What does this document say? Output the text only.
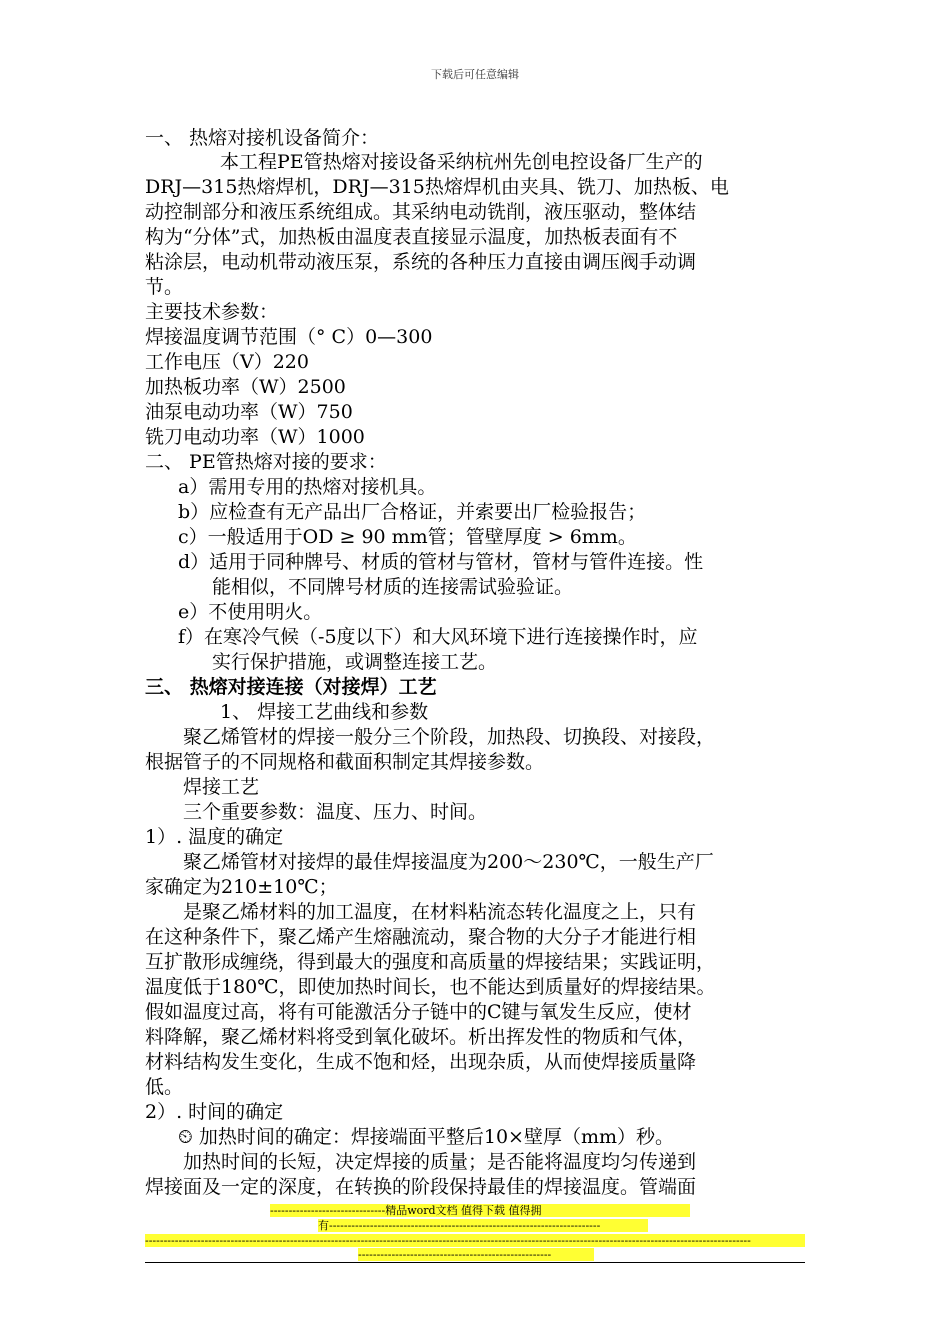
下载后可任意编辑
一、 热熔对接机设备简介：
本工程PE管热熔对接设备采纳杭州先创电控设备厂生产的
DRJ—315热熔焊机，DRJ—315热熔焊机由夹具、铣刀、加热板、电
动控制部分和液压系统组成。其采纳电动铣削，液压驱动，整体结
构为“分体”式，加热板由温度表直接显示温度，加热板表面有不
粘涂层，电动机带动液压泵，系统的各种压力直接由调压阀手动调
节。
主要技术参数：
焊接温度调节范围（° C）0—300
工作电压（V）220
加热板功率（W）2500
油泵电动功率（W）750
铣刀电动功率（W）1000
二、 PE管热熔对接的要求：
a）需用专用的热熔对接机具。
b）应检查有无产品出厂合格证，并索要出厂检验报告；
c）一般适用于OD ≥ 90 mm管；管壁厚度 > 6mm。
d）适用于同种牌号、材质的管材与管材，管材与管件连接。性
能相似，不同牌号材质的连接需试验验证。
e）不使用明火。
f）在寒冷气候（-5度以下）和大风环境下进行连接操作时，应
实行保护措施，或调整连接工艺。
三、 热熔对接连接（对接焊）工艺
1、 焊接工艺曲线和参数
聚乙烯管材的焊接一般分三个阶段，加热段、切换段、对接段，
根据管子的不同规格和截面积制定其焊接参数。
焊接工艺
三个重要参数：温度、压力、时间。
1）. 温度的确定
聚乙烯管材对接焊的最佳焊接温度为200～230℃，一般生产厂
家确定为210±10℃；
是聚乙烯材料的加工温度，在材料粘流态转化温度之上，只有
在这种条件下，聚乙烯产生熔融流动，聚合物的大分子才能进行相
互扩散形成缠绕，得到最大的强度和高质量的焊接结果；实践证明，
温度低于180℃，即使加热时间长，也不能达到质量好的焊接结果。
假如温度过高，将有可能激活分子链中的C键与氧发生反应，使材
料降解，聚乙烯材料将受到氧化破坏。析出挥发性的物质和气体，
材料结构发生变化，生成不饱和烃，出现杂质，从而使焊接质量降
低。
2）. 时间的确定
⏲ 加热时间的确定：焊接端面平整后10×壁厚（mm）秒。
加热时间的长短，决定焊接的质量；是否能将温度均匀传递到
焊接面及一定的深度，在转换的阶段保持最佳的焊接温度。管端面
-------------------------------精品word文档 值得下载 值得拥
有-------------------------------------------------------------------------
-------------------------------------------------------------------------------------------------------------------------------------------------------------------
----------------------------------------------------
